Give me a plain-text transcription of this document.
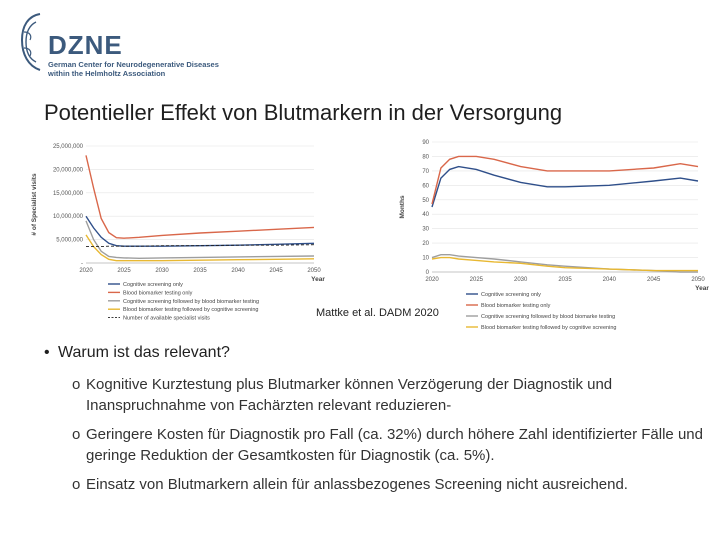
DZNE
German Center for Neurodegenerative Diseases
within the Helmholtz Association
Potentieller Effekt von Blutmarkern in der Versorgung
25,000,000
20,000,000
15,000,000
10,000,000
5,000,000
-
2020	2025	2030	2035	2040	2045	2050
Year
# of Specialist visits
Cognitive screening only
Blood biomarker testing only
Cognitive screening followed by blood biomarker testing
Blood biomarker testing followed by cognitive screening
Number of available specialist visits
90
80
70
60
50
40
30
20
10
0
2020	2025	2030	2035	2040	2045	2050
Year
Months
Cognitive screening only
Blood biomarker testing only
Cognitive screening followed by blood biomarke testing
Blood biomarker testing followed by cognitive screening
Mattke et al. DADM 2020
• Warum ist das relevant?
o Kognitive Kurztestung plus Blutmarker können Verzögerung der Diagnostik und Inanspruchnahme von Fachärzten relevant reduzieren-
o Geringere Kosten für Diagnostik pro Fall (ca. 32%) durch höhere Zahl identifizierter Fälle und geringe Reduktion der Gesamtkosten für Diagnostik (ca. 5%).
o Einsatz von Blutmarkern allein für anlassbezogenes Screening nicht ausreichend.
